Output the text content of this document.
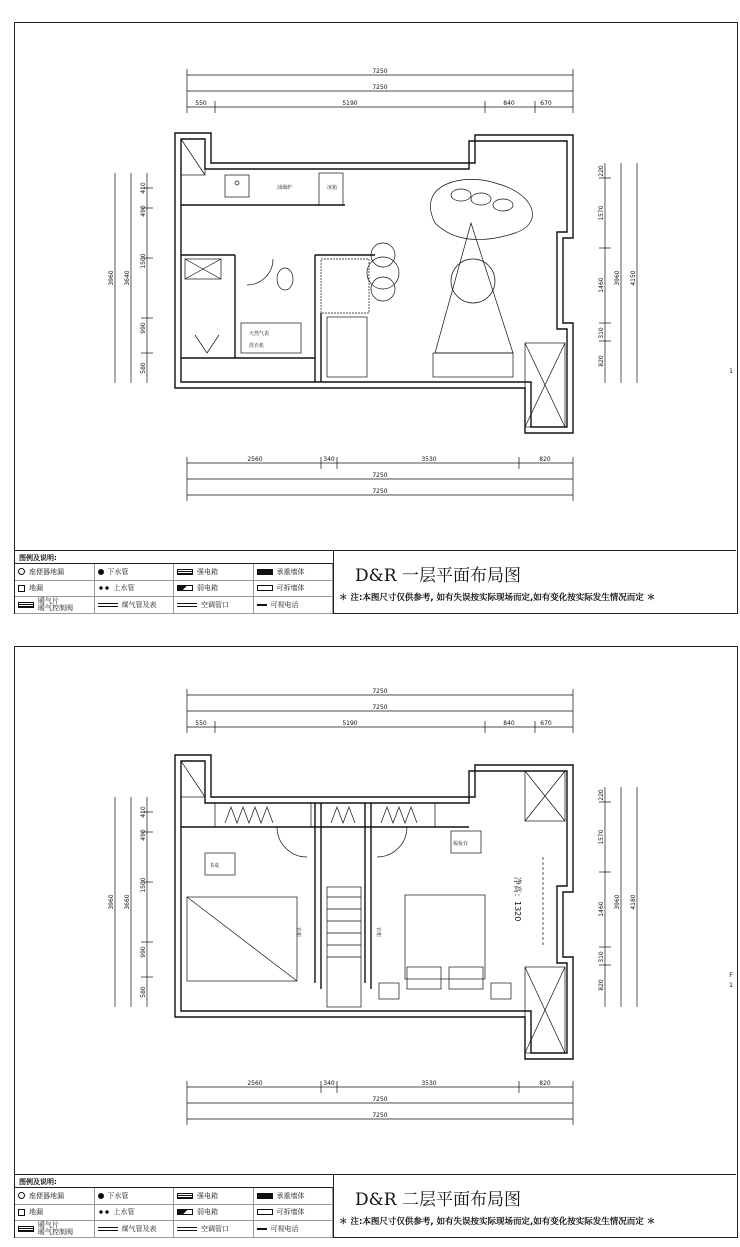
7250
7250
550	5190	840	670
3960 3640
410
490
1500
990
580
220
1570
1460
310
820
3960 4150
冰箱
油烟炉
天然气表
洗衣机
2560	340	3530	820
7250
7250
1
图例及说明:
座便器地漏	下水管	强电箱	承重墙体
地漏	上水管	弱电箱	可拆墙体
暖气片
暖气控制阀	煤气管及表	空调管口	可视电话
D&R 一层平面布局图
＊ 注:本图尺寸仅供参考, 如有失误按实际现场而定,如有变化按实际发生情况而定 ＊
7250
7250
550	5190	840	670
3960 3660
410
490
1500
990
580
220
1570
1460
310
820
3960 4180
净高：1320
书桌
梳妆台
衣柜	衣柜
2560	340	3530	820
7250
7250
F
1
图例及说明:
座便器地漏	下水管	强电箱	承重墙体
地漏	上水管	弱电箱	可拆墙体
暖气片
暖气控制阀	煤气管及表	空调管口	可视电话
D&R 二层平面布局图
＊ 注:本图尺寸仅供参考, 如有失误按实际现场而定,如有变化按实际发生情况而定 ＊
